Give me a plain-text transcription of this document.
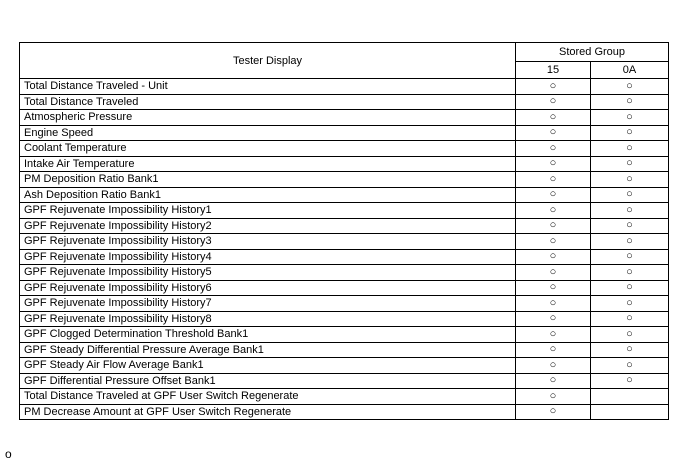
Tester Display	Stored Group	
	15	0A
Total Distance Traveled - Unit	○	○
Total Distance Traveled	○	○
Atmospheric Pressure	○	○
Engine Speed	○	○
Coolant Temperature	○	○
Intake Air Temperature	○	○
PM Deposition Ratio Bank1	○	○
Ash Deposition Ratio Bank1	○	○
GPF Rejuvenate Impossibility History1	○	○
GPF Rejuvenate Impossibility History2	○	○
GPF Rejuvenate Impossibility History3	○	○
GPF Rejuvenate Impossibility History4	○	○
GPF Rejuvenate Impossibility History5	○	○
GPF Rejuvenate Impossibility History6	○	○
GPF Rejuvenate Impossibility History7	○	○
GPF Rejuvenate Impossibility History8	○	○
GPF Clogged Determination Threshold Bank1	○	○
GPF Steady Differential Pressure Average Bank1	○	○
GPF Steady Air Flow Average Bank1	○	○
GPF Differential Pressure Offset Bank1	○	○
Total Distance Traveled at GPF User Switch Regenerate	○	
PM Decrease Amount at GPF User Switch Regenerate	○	
o
